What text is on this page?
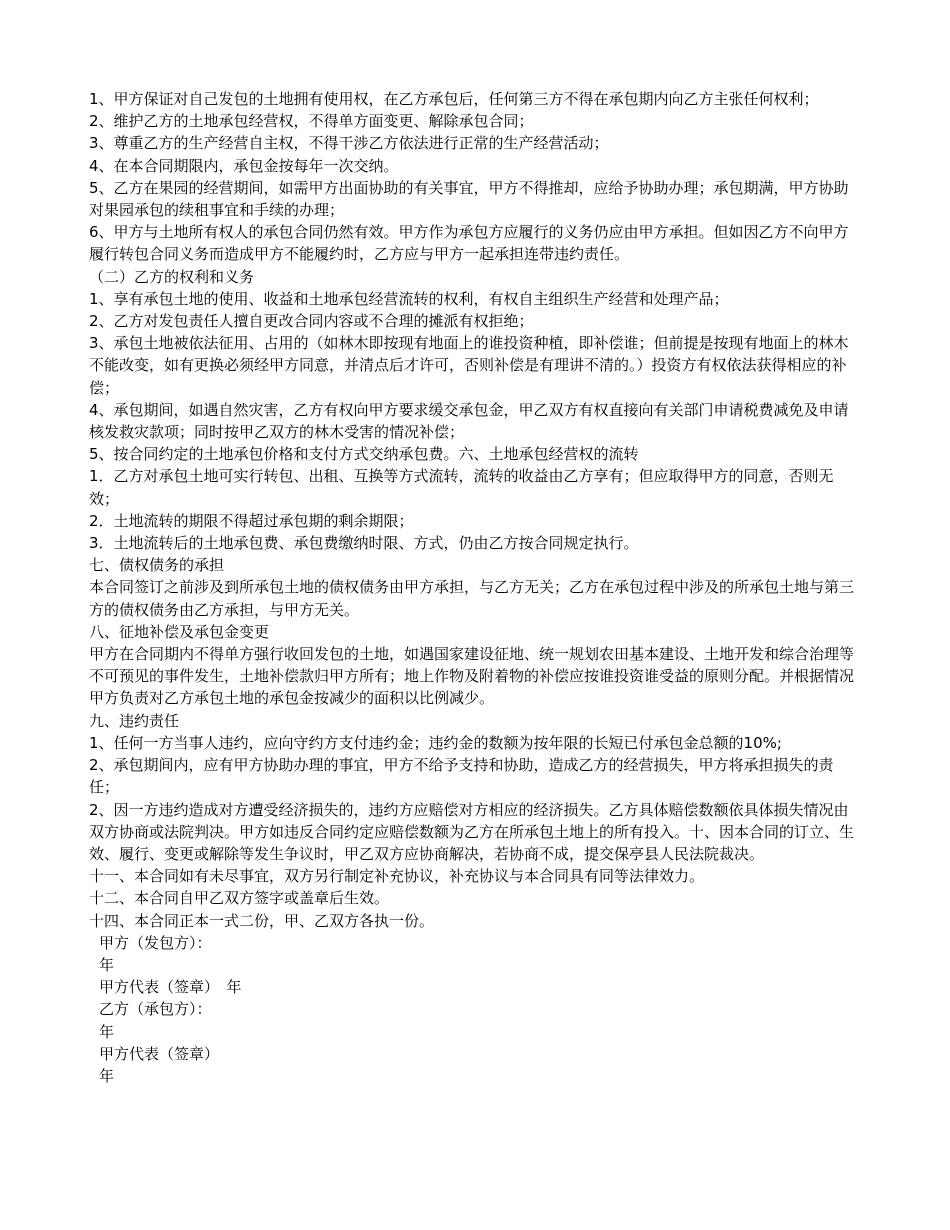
1、甲方保证对自己发包的土地拥有使用权，在乙方承包后，任何第三方不得在承包期内向乙方主张任何权利；

2、维护乙方的土地承包经营权，不得单方面变更、解除承包合同；

3、尊重乙方的生产经营自主权，不得干涉乙方依法进行正常的生产经营活动；

4、在本合同期限内，承包金按每年一次交纳。

5、乙方在果园的经营期间，如需甲方出面协助的有关事宜，甲方不得推却，应给予协助办理；承包期满，甲方协助对果园承包的续租事宜和手续的办理；

6、甲方与土地所有权人的承包合同仍然有效。甲方作为承包方应履行的义务仍应由甲方承担。但如因乙方不向甲方履行转包合同义务而造成甲方不能履约时，乙方应与甲方一起承担连带违约责任。

（二）乙方的权利和义务

1、享有承包土地的使用、收益和土地承包经营流转的权利，有权自主组织生产经营和处理产品；

2、乙方对发包责任人擅自更改合同内容或不合理的摊派有权拒绝；

3、承包土地被依法征用、占用的（如林木即按现有地面上的谁投资种植，即补偿谁；但前提是按现有地面上的林木不能改变，如有更换必须经甲方同意，并清点后才许可，否则补偿是有理讲不清的。）投资方有权依法获得相应的补偿；

4、承包期间，如遇自然灾害，乙方有权向甲方要求缓交承包金，甲乙双方有权直接向有关部门申请税费减免及申请核发救灾款项；同时按甲乙双方的林木受害的情况补偿；

5、按合同约定的土地承包价格和支付方式交纳承包费。六、土地承包经营权的流转

1．乙方对承包土地可实行转包、出租、互换等方式流转，流转的收益由乙方享有；但应取得甲方的同意，否则无效；

2．土地流转的期限不得超过承包期的剩余期限；

3．土地流转后的土地承包费、承包费缴纳时限、方式，仍由乙方按合同规定执行。

七、债权债务的承担

本合同签订之前涉及到所承包土地的债权债务由甲方承担，与乙方无关；乙方在承包过程中涉及的所承包土地与第三方的债权债务由乙方承担，与甲方无关。

八、征地补偿及承包金变更

甲方在合同期内不得单方强行收回发包的土地，如遇国家建设征地、统一规划农田基本建设、土地开发和综合治理等不可预见的事件发生，土地补偿款归甲方所有；地上作物及附着物的补偿应按谁投资谁受益的原则分配。并根据情况甲方负责对乙方承包土地的承包金按减少的面积以比例减少。

九、违约责任

1、任何一方当事人违约，应向守约方支付违约金；违约金的数额为按年限的长短已付承包金总额的10%;

2、承包期间内，应有甲方协助办理的事宜，甲方不给予支持和协助，造成乙方的经营损失，甲方将承担损失的责任；

2、因一方违约造成对方遭受经济损失的，违约方应赔偿对方相应的经济损失。乙方具体赔偿数额依具体损失情况由双方协商或法院判决。甲方如违反合同约定应赔偿数额为乙方在所承包土地上的所有投入。十、因本合同的订立、生效、履行、变更或解除等发生争议时，甲乙双方应协商解决，若协商不成，提交保亭县人民法院裁决。

十一、本合同如有未尽事宜，双方另行制定补充协议，补充协议与本合同具有同等法律效力。

十二、本合同自甲乙双方签字或盖章后生效。

十四、本合同正本一式二份，甲、乙双方各执一份。

甲方（发包方）：

年

甲方代表（签章）　年

乙方（承包方）：

年

甲方代表（签章）

年
